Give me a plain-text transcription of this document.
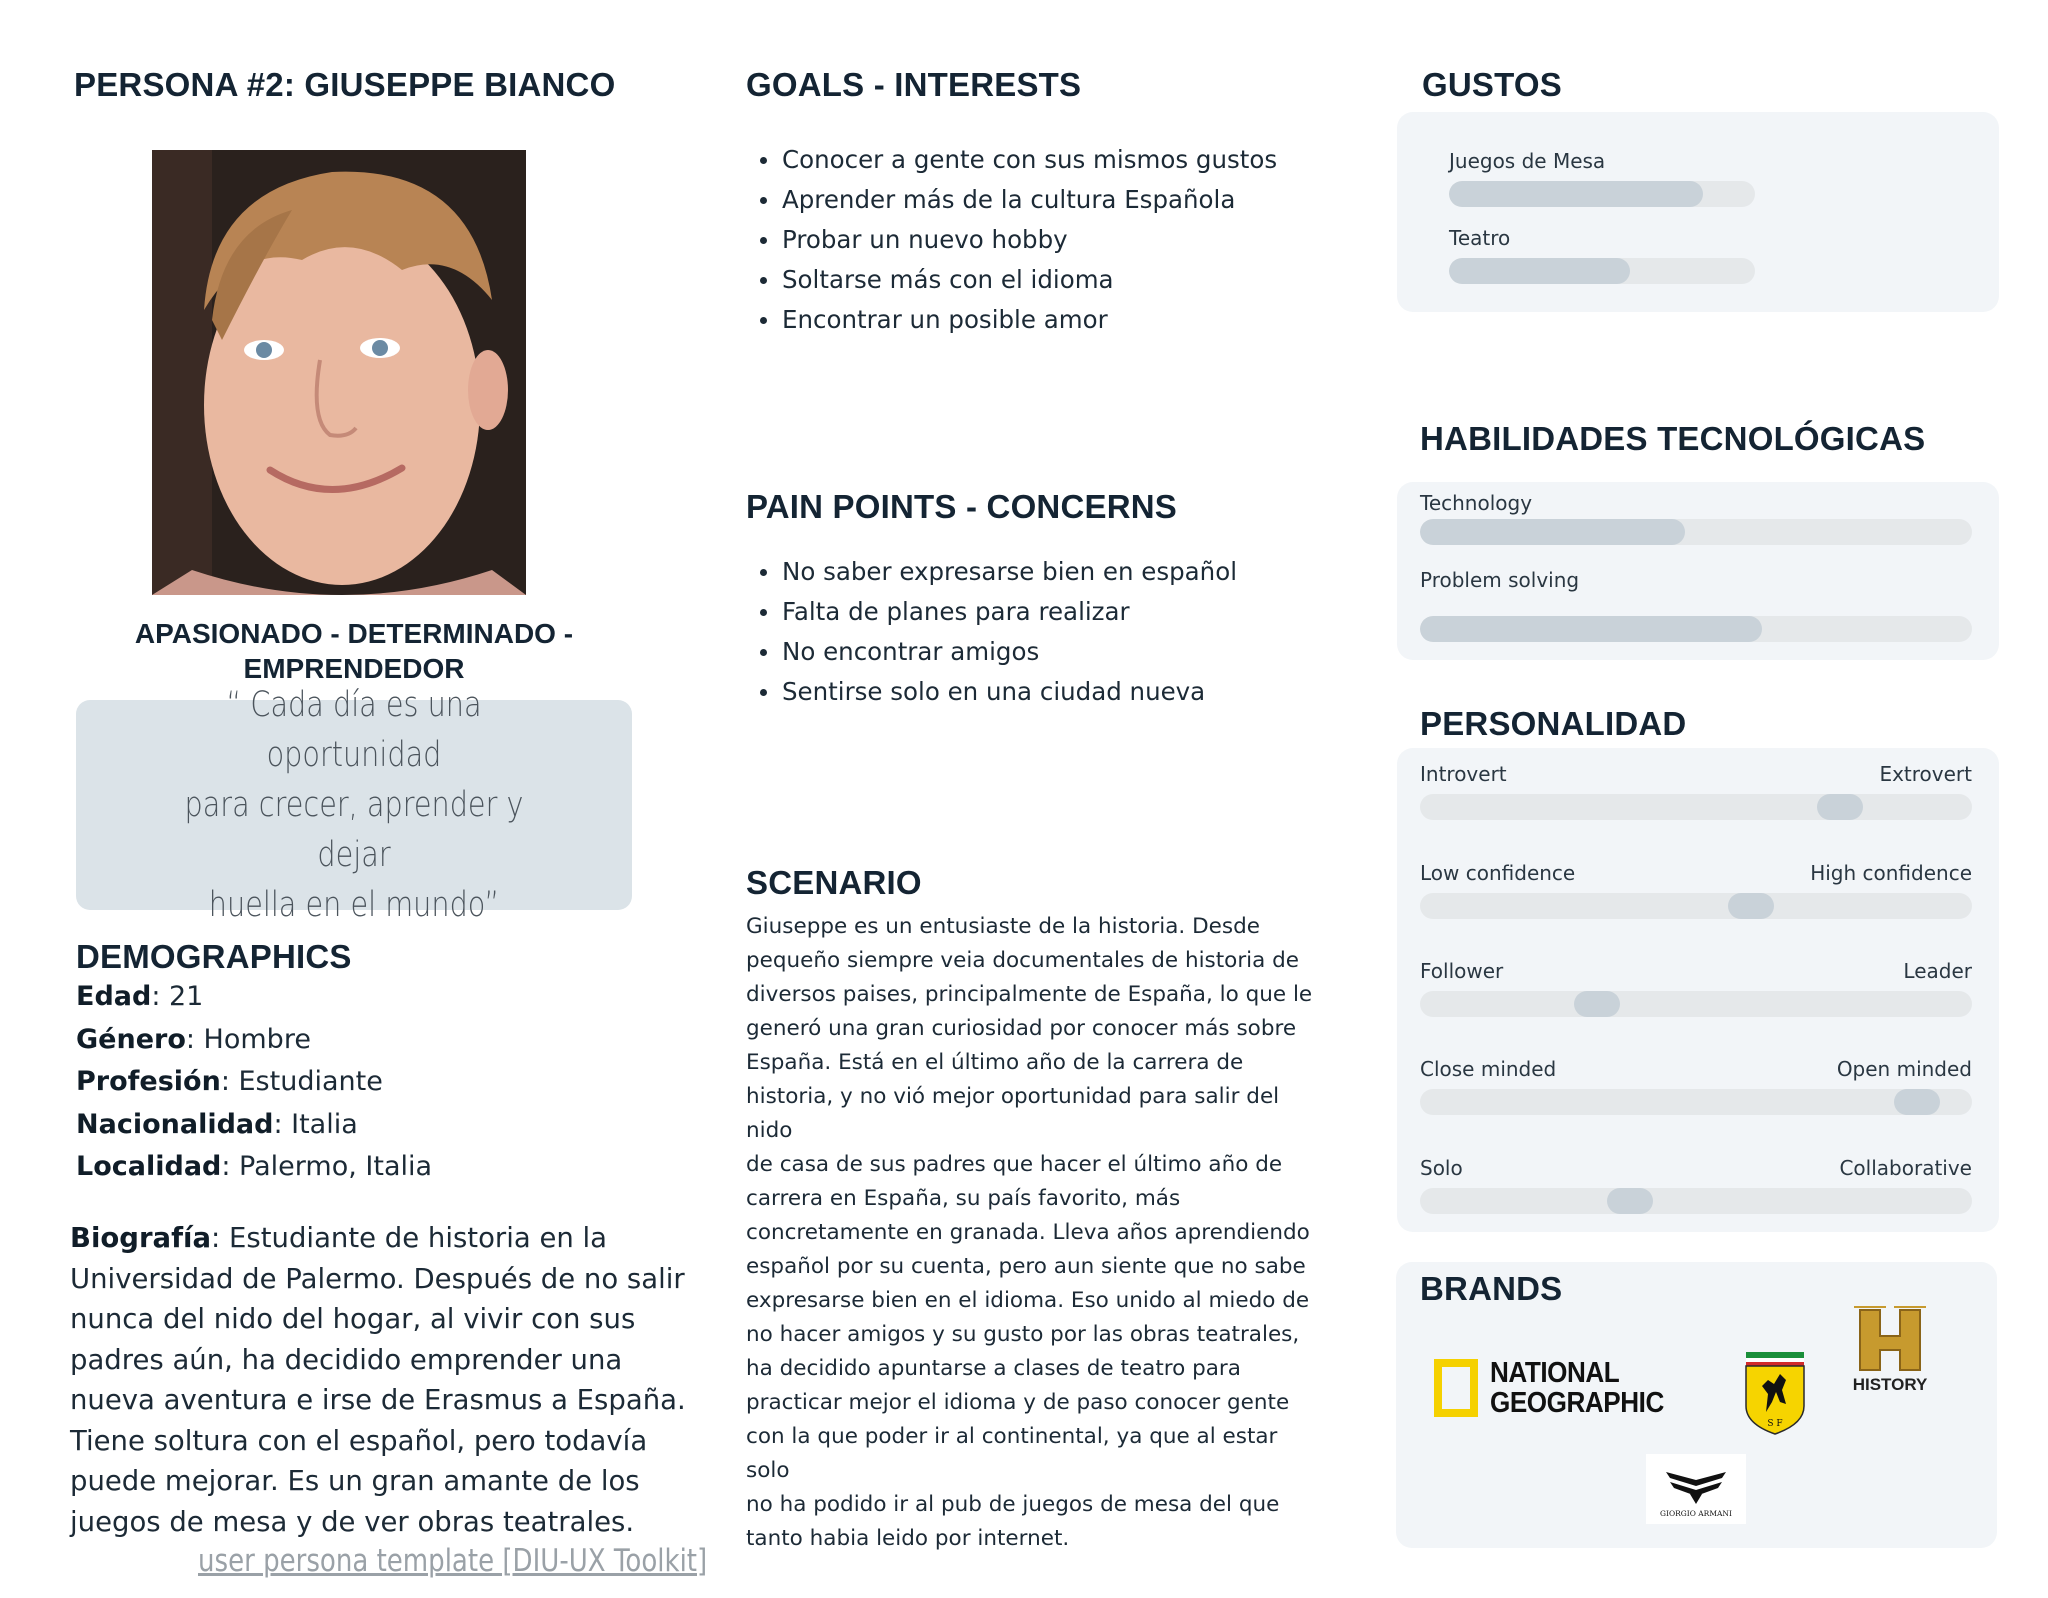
PERSONA #2: GIUSEPPE BIANCO
APASIONADO - DETERMINADO -
EMPRENDEDOR
“ Cada día es una oportunidad
para crecer, aprender y dejar
huella en el mundo”
DEMOGRAPHICS
Edad: 21
Género: Hombre
Profesión: Estudiante
Nacionalidad: Italia
Localidad: Palermo, Italia
Biografía: Estudiante de historia en la Universidad de Palermo. Después de no salir nunca del nido del hogar, al vivir con sus padres aún, ha decidido emprender una nueva aventura e irse de Erasmus a España. Tiene soltura con el español, pero todavía puede mejorar. Es un gran amante de los juegos de mesa y de ver obras teatrales.
user persona template [DIU-UX Toolkit]
GOALS - INTERESTS
Conocer a gente con sus mismos gustos
Aprender más de la cultura Española
Probar un nuevo hobby
Soltarse más con el idioma
Encontrar un posible amor
PAIN POINTS - CONCERNS
No saber expresarse bien en español
Falta de planes para realizar
No encontrar amigos
Sentirse solo en una ciudad nueva
SCENARIO
Giuseppe es un entusiaste de la historia. Desde
pequeño siempre veia documentales de historia de
diversos paises, principalmente de España, lo que le
generó una gran curiosidad por conocer más sobre
España. Está en el último año de la carrera de
historia, y no vió mejor oportunidad para salir del nido
de casa de sus padres que hacer el último año de
carrera en España, su país favorito, más
concretamente en granada. Lleva años aprendiendo
español por su cuenta, pero aun siente que no sabe
expresarse bien en el idioma. Eso unido al miedo de
no hacer amigos y su gusto por las obras teatrales,
ha decidido apuntarse a clases de teatro para
practicar mejor el idioma y de paso conocer gente
con la que poder ir al continental, ya que al estar solo
no ha podido ir al pub de juegos de mesa del que
tanto habia leido por internet.
GUSTOS
Juegos de Mesa
Teatro
HABILIDADES TECNOLÓGICAS
Technology
Problem solving
PERSONALIDAD
Introvert	Extrovert
Low confidence	High confidence
Follower	Leader
Close minded	Open minded
Solo	Collaborative
BRANDS
NATIONAL
GEOGRAPHIC
S F
HISTORY
GIORGIO ARMANI
